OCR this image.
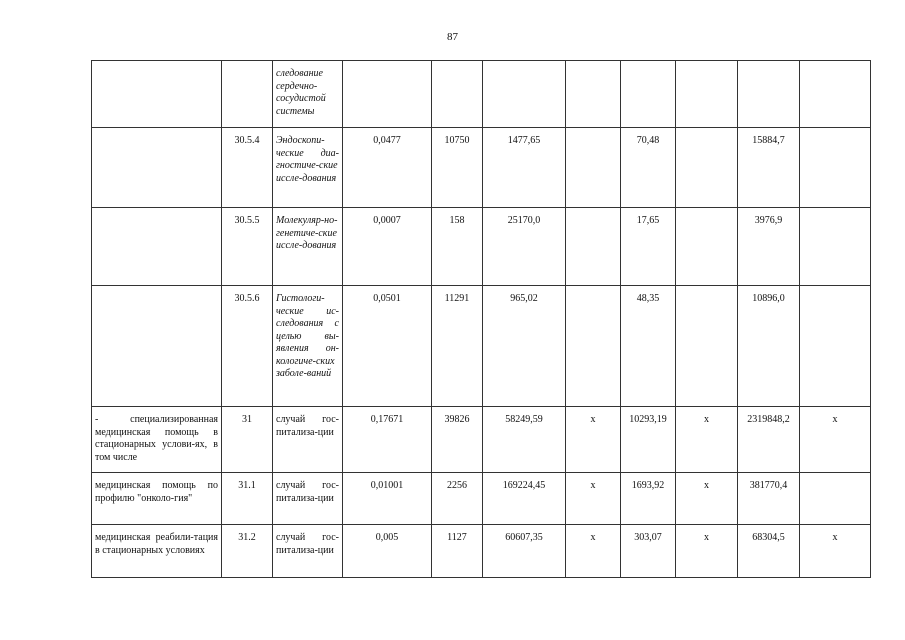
87
		следование сердечно-сосудистой системы								
	30.5.4	Эндоскопи-ческие диа-гностиче-ские иссле-дования	0,0477	10750	1477,65		70,48		15884,7	
	30.5.5	Молекуляр-но-генетиче-ские иссле-дования	0,0007	158	25170,0		17,65		3976,9	
	30.5.6	Гистологи-ческие ис-следования с целью вы-явления он-кологиче-ских заболе-ваний	0,0501	11291	965,02		48,35		10896,0	
- специализированная медицинская помощь в стационарных услови-ях, в том числе	31	случай гос-питализа-ции	0,17671	39826	58249,59	х	10293,19	х	2319848,2	х
медицинская помощь по профилю "онколо-гия"	31.1	случай гос-питализа-ции	0,01001	2256	169224,45	х	1693,92	х	381770,4	
медицинская реабили-тация в стационарных условиях	31.2	случай гос-питализа-ции	0,005	1127	60607,35	х	303,07	х	68304,5	х
